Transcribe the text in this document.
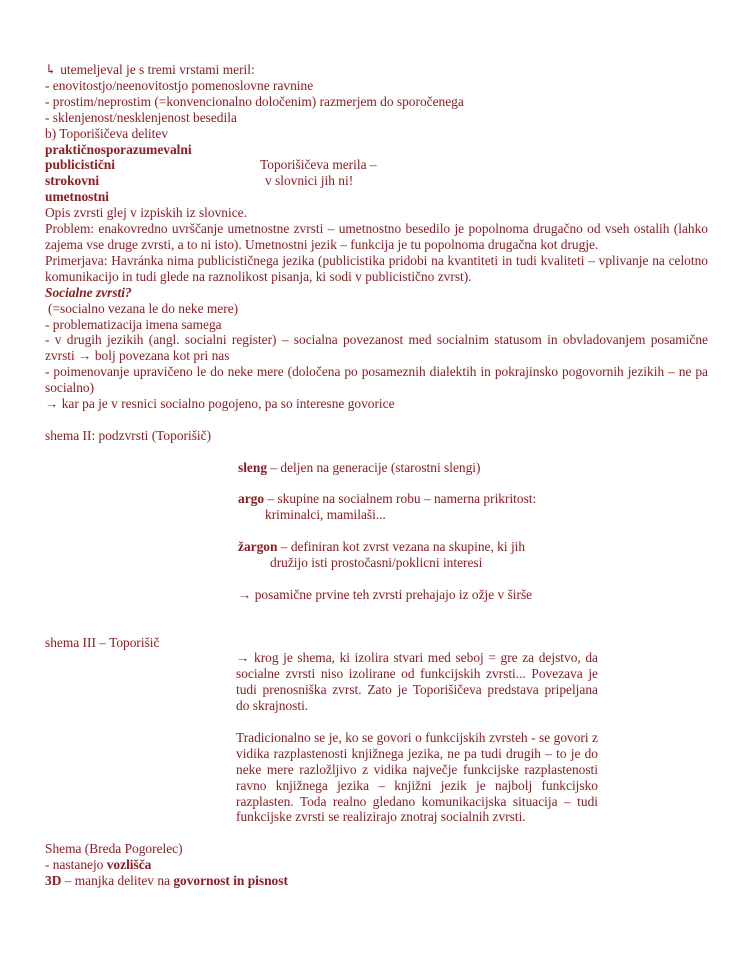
↳ utemeljeval je s tremi vrstami meril:
- enovitostjo/neenovitostjo pomenoslovne ravnine
- prostim/neprostim (=konvencionalno določenim) razmerjem do sporočenega
- sklenjenost/nesklenjenost besedila
b) Toporišičeva delitev
praktičnosporazumevalni
publicistični	Toporišičeva merila –
strokovni	v slovnici jih ni!
umetnostni
Opis zvrsti glej v izpiskih iz slovnice.
Problem: enakovredno uvrščanje umetnostne zvrsti – umetnostno besedilo je popolnoma drugačno od vseh ostalih (lahko zajema vse druge zvrsti, a to ni isto). Umetnostni jezik – funkcija je tu popolnoma drugačna kot drugje.
Primerjava: Havránka nima publicističnega jezika (publicistika pridobi na kvantiteti in tudi kvaliteti – vplivanje na celotno komunikacijo in tudi glede na raznolikost pisanja, ki sodi v publicistično zvrst).
Socialne zvrsti?
(=socialno vezana le do neke mere)
- problematizacija imena samega
- v drugih jezikih (angl. socialni register) – socialna povezanost med socialnim statusom in obvladovanjem posamične zvrsti → bolj povezana kot pri nas
- poimenovanje upravičeno le do neke mere (določena po posameznih dialektih in pokrajinsko pogovornih jezikih – ne pa socialno)
→ kar pa je v resnici socialno pogojeno, pa so interesne govorice
shema II: podzvrsti (Toporišič)
sleng – deljen na generacije (starostni slengi)
argo – skupine na socialnem robu – namerna prikritost:
kriminalci, mamilaši...
žargon – definiran kot zvrst vezana na skupine, ki jih
družijo isti prostočasni/poklicni interesi
→ posamične prvine teh zvrsti prehajajo iz ožje v širše
shema III – Toporišič
→ krog je shema, ki izolira stvari med seboj = gre za dejstvo, da socialne zvrsti niso izolirane od funkcijskih zvrsti... Povezava je tudi prenosniška zvrst. Zato je Toporišičeva predstava pripeljana do skrajnosti.
Tradicionalno se je, ko se govori o funkcijskih zvrsteh - se govori z vidika razplastenosti knjižnega jezika, ne pa tudi drugih – to je do neke mere razložljivo z vidika največje funkcijske razplastenosti ravno knjižnega jezika – knjižni jezik je najbolj funkcijsko razplasten. Toda realno gledano komunikacijska situacija – tudi funkcijske zvrsti se realizirajo znotraj socialnih zvrsti.
Shema (Breda Pogorelec)
- nastanejo vozlišča
3D – manjka delitev na govornost in pisnost
